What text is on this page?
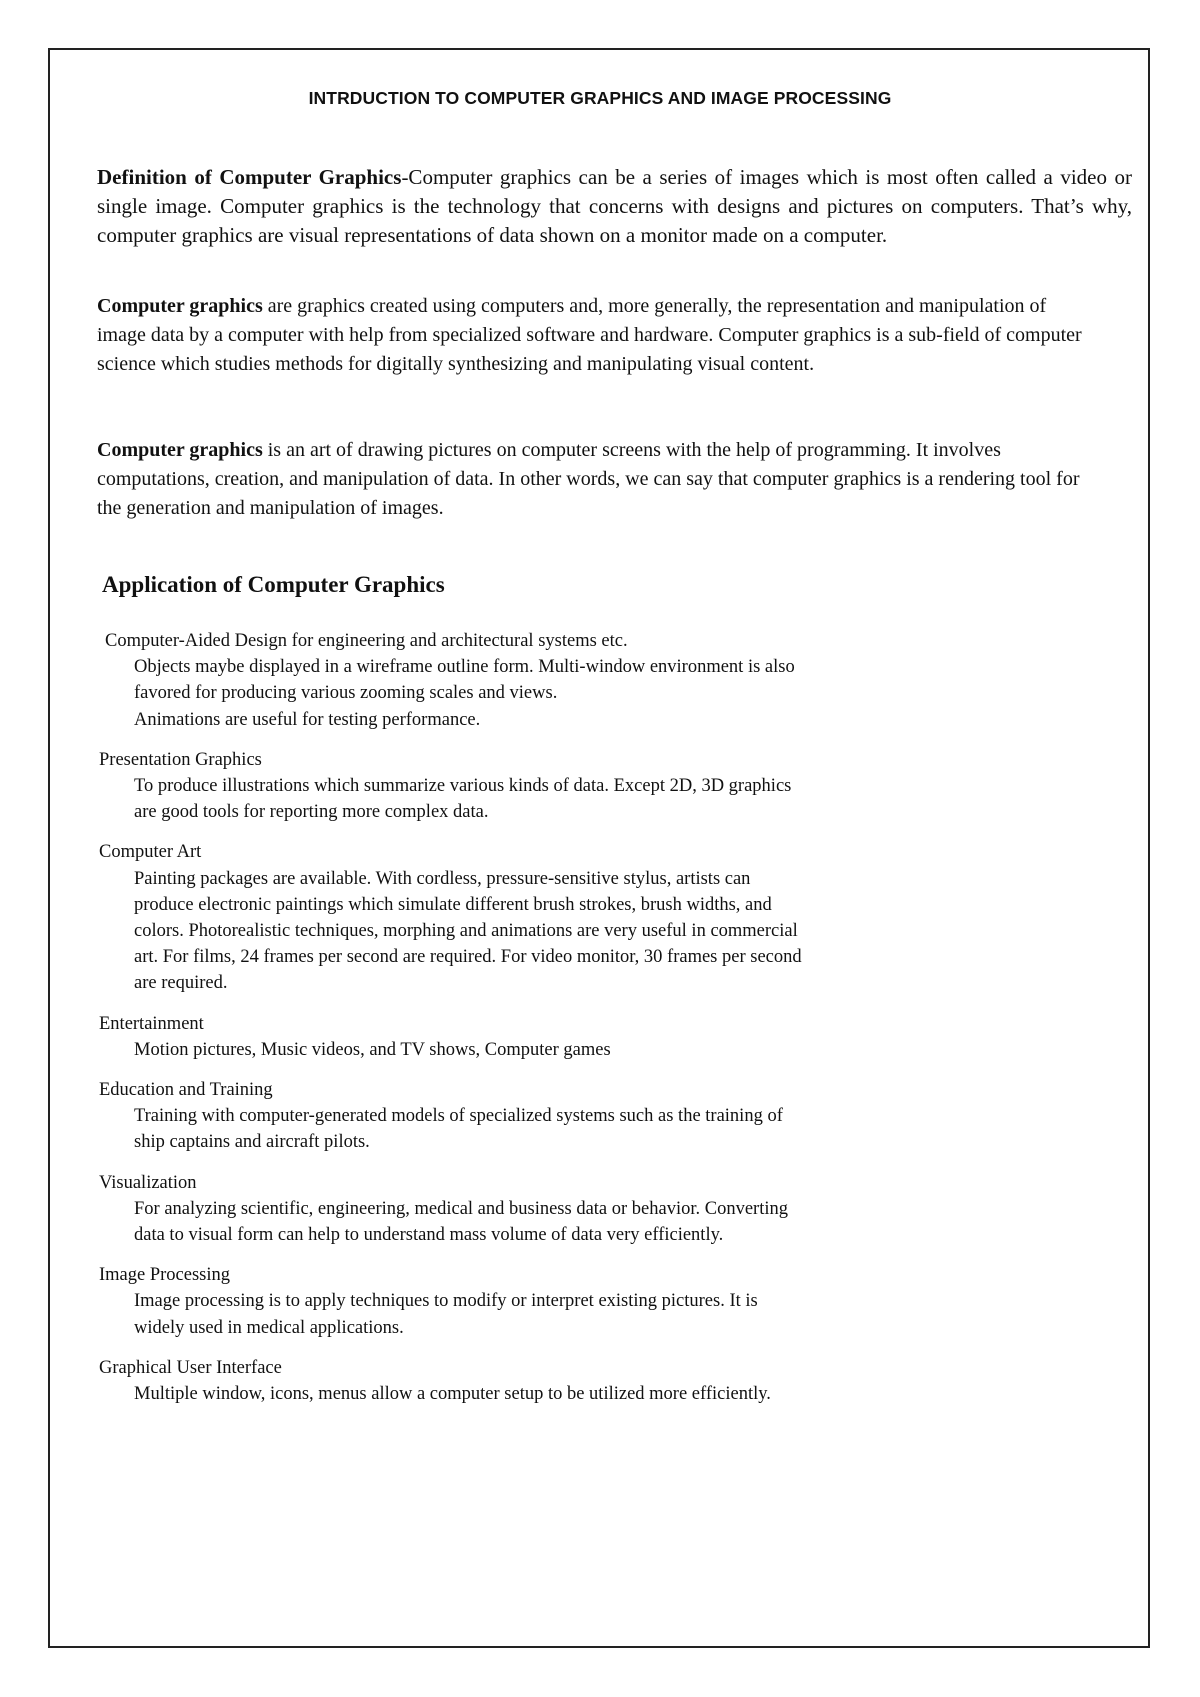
INTRDUCTION TO COMPUTER GRAPHICS AND IMAGE PROCESSING

Definition of Computer Graphics-Computer graphics can be a series of images which is most often called a video or single image. Computer graphics is the technology that concerns with designs and pictures on computers. That’s why, computer graphics are visual representations of data shown on a monitor made on a computer.

Computer graphics are graphics created using computers and, more generally, the representation and manipulation of image data by a computer with help from specialized software and hardware. Computer graphics is a sub-field of computer science which studies methods for digitally synthesizing and manipulating visual content.

Computer graphics is an art of drawing pictures on computer screens with the help of programming. It involves computations, creation, and manipulation of data. In other words, we can say that computer graphics is a rendering tool for the generation and manipulation of images.

Application of Computer Graphics
Computer-Aided Design for engineering and architectural systems etc.
Objects maybe displayed in a wireframe outline form. Multi-window environment is also
favored for producing various zooming scales and views.
Animations are useful for testing performance.
Presentation Graphics
To produce illustrations which summarize various kinds of data. Except 2D, 3D graphics
are good tools for reporting more complex data.
Computer Art
Painting packages are available. With cordless, pressure-sensitive stylus, artists can
produce electronic paintings which simulate different brush strokes, brush widths, and
colors. Photorealistic techniques, morphing and animations are very useful in commercial
art. For films, 24 frames per second are required. For video monitor, 30 frames per second
are required.
Entertainment
Motion pictures, Music videos, and TV shows, Computer games
Education and Training
Training with computer-generated models of specialized systems such as the training of
ship captains and aircraft pilots.
Visualization
For analyzing scientific, engineering, medical and business data or behavior. Converting
data to visual form can help to understand mass volume of data very efficiently.
Image Processing
Image processing is to apply techniques to modify or interpret existing pictures. It is
widely used in medical applications.
Graphical User Interface
Multiple window, icons, menus allow a computer setup to be utilized more efficiently.
